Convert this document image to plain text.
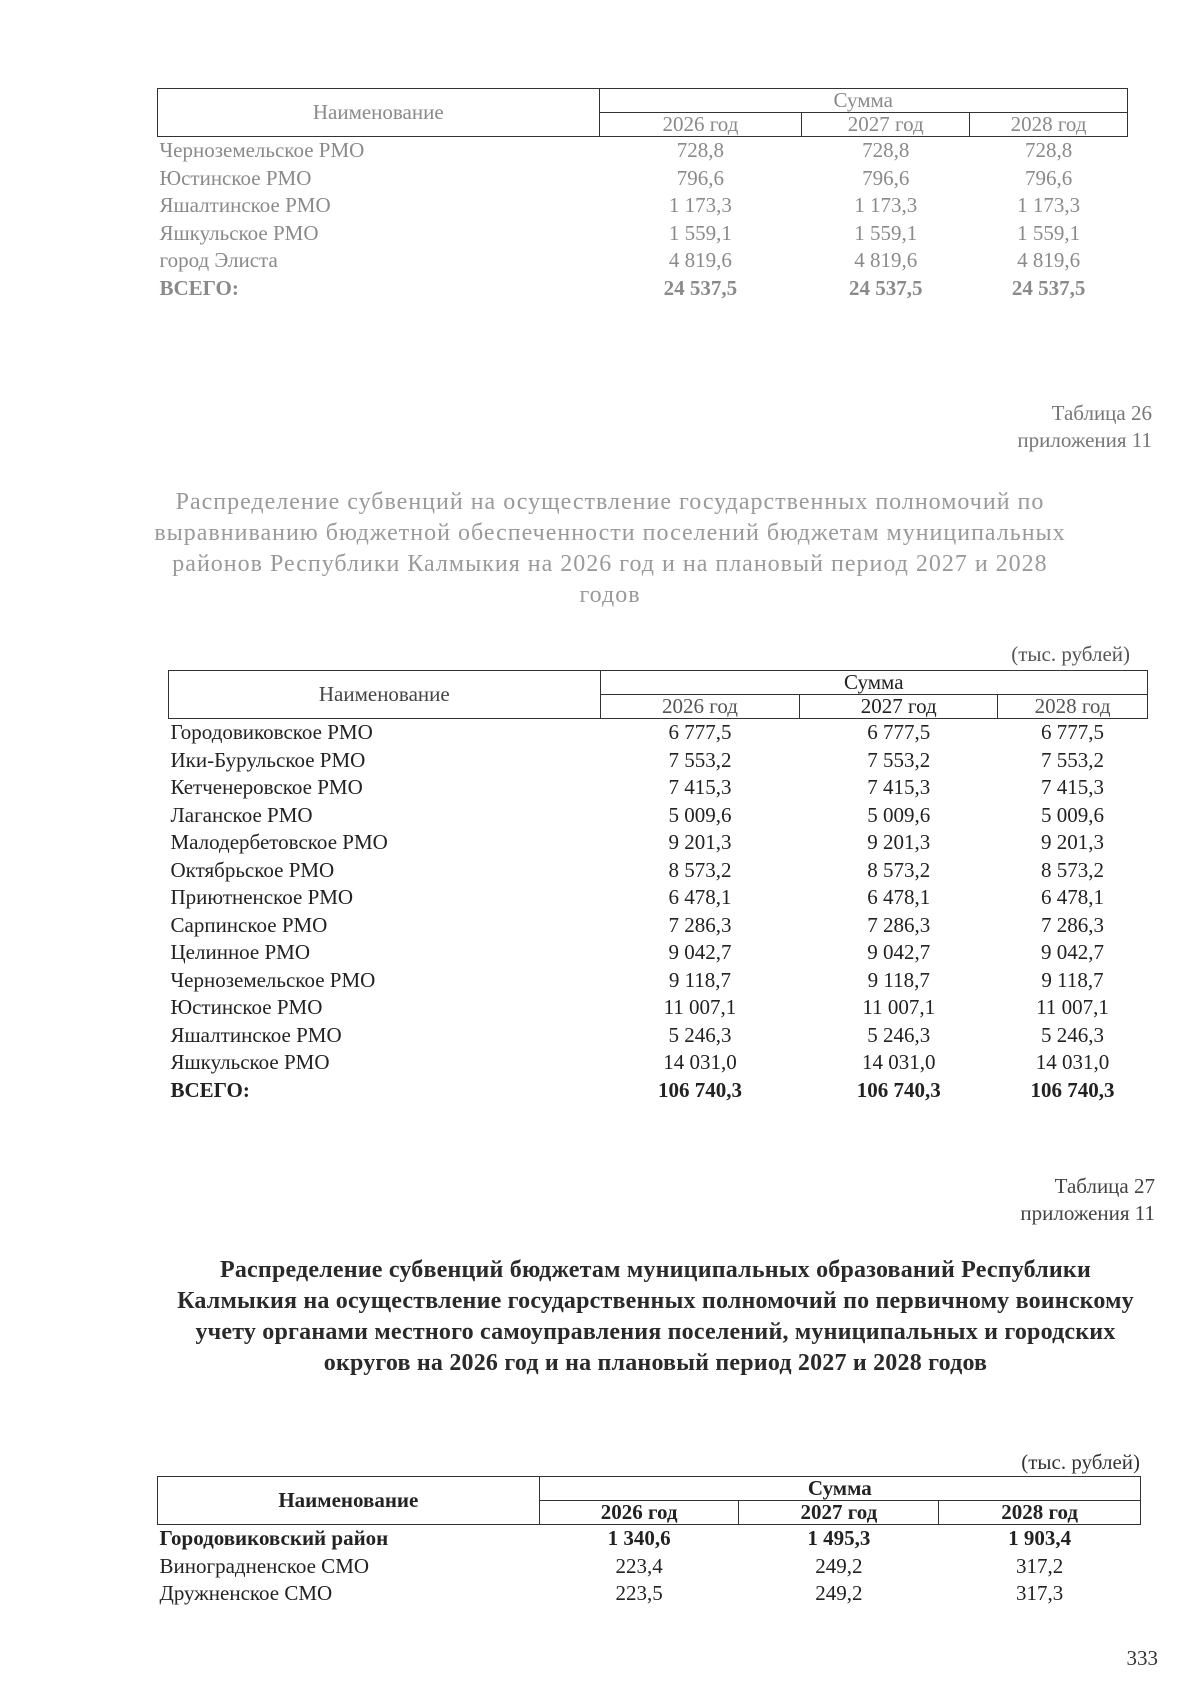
Наименование	Сумма		
	2026 год	2027 год	2028 год
Черноземельское РМО	728,8	728,8	728,8
Юстинское РМО	796,6	796,6	796,6
Яшалтинское РМО	1 173,3	1 173,3	1 173,3
Яшкульское РМО	1 559,1	1 559,1	1 559,1
город Элиста	4 819,6	4 819,6	4 819,6
ВСЕГО:	24 537,5	24 537,5	24 537,5
Таблица 26
приложения 11
Распределение субвенций на осуществление государственных полномочий по выравниванию бюджетной обеспеченности поселений бюджетам муниципальных районов Республики Калмыкия на 2026 год и на плановый период 2027 и 2028 годов
(тыс. рублей)
Наименование	Сумма		
	2026 год	2027 год	2028 год
Городовиковское РМО	6 777,5	6 777,5	6 777,5
Ики-Бурульское РМО	7 553,2	7 553,2	7 553,2
Кетченеровское РМО	7 415,3	7 415,3	7 415,3
Лаганское РМО	5 009,6	5 009,6	5 009,6
Малодербетовское РМО	9 201,3	9 201,3	9 201,3
Октябрьское РМО	8 573,2	8 573,2	8 573,2
Приютненское РМО	6 478,1	6 478,1	6 478,1
Сарпинское РМО	7 286,3	7 286,3	7 286,3
Целинное РМО	9 042,7	9 042,7	9 042,7
Черноземельское РМО	9 118,7	9 118,7	9 118,7
Юстинское РМО	11 007,1	11 007,1	11 007,1
Яшалтинское РМО	5 246,3	5 246,3	5 246,3
Яшкульское РМО	14 031,0	14 031,0	14 031,0
ВСЕГО:	106 740,3	106 740,3	106 740,3
Таблица 27
приложения 11
Распределение субвенций бюджетам муниципальных образований Республики Калмыкия на осуществление государственных полномочий по первичному воинскому учету органами местного самоуправления поселений, муниципальных и городских округов на 2026 год и на плановый период 2027 и 2028 годов
(тыс. рублей)
Наименование	Сумма		
	2026 год	2027 год	2028 год
Городовиковский район	1 340,6	1 495,3	1 903,4
Виноградненское СМО	223,4	249,2	317,2
Дружненское СМО	223,5	249,2	317,3
333
